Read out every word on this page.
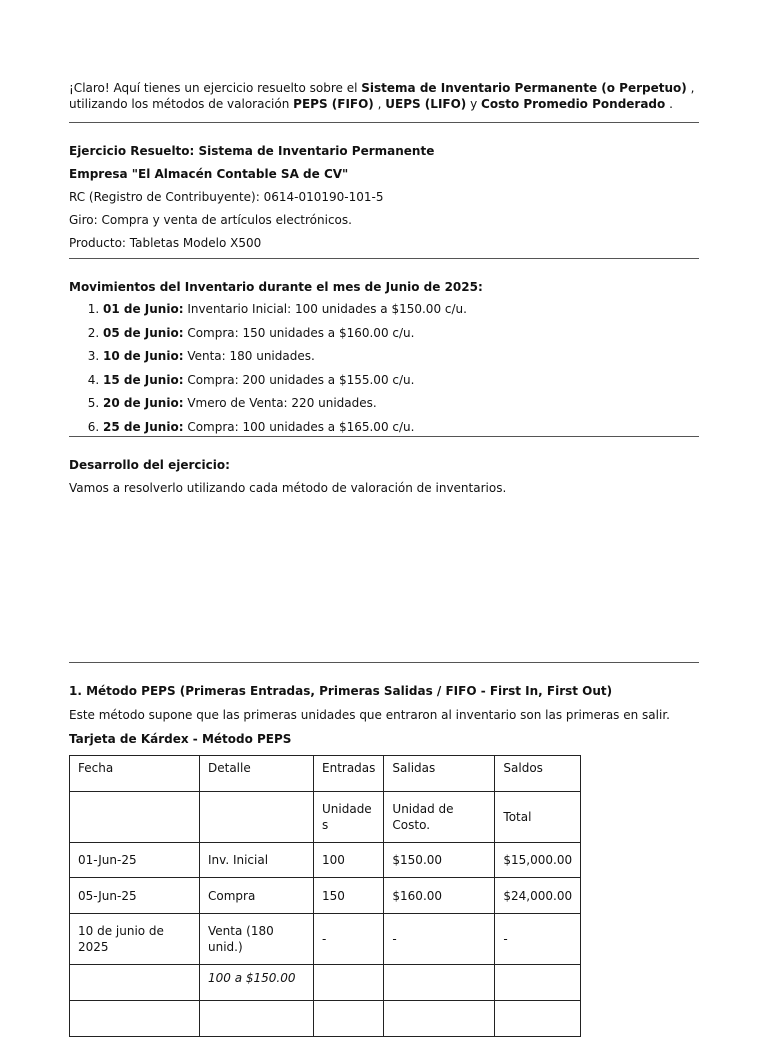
¡Claro! Aquí tienes un ejercicio resuelto sobre el Sistema de Inventario Permanente (o Perpetuo) , utilizando los métodos de valoración PEPS (FIFO) , UEPS (LIFO) y Costo Promedio Ponderado .

Ejercicio Resuelto: Sistema de Inventario Permanente

Empresa "El Almacén Contable SA de CV"

RC (Registro de Contribuyente): 0614-010190-101-5

Giro: Compra y venta de artículos electrónicos.

Producto: Tabletas Modelo X500

Movimientos del Inventario durante el mes de Junio de 2025:

1. 01 de Junio: Inventario Inicial: 100 unidades a $150.00 c/u.
2. 05 de Junio: Compra: 150 unidades a $160.00 c/u.
3. 10 de Junio: Venta: 180 unidades.
4. 15 de Junio: Compra: 200 unidades a $155.00 c/u.
5. 20 de Junio: Vmero de Venta: 220 unidades.
6. 25 de Junio: Compra: 100 unidades a $165.00 c/u.

Desarrollo del ejercicio:

Vamos a resolverlo utilizando cada método de valoración de inventarios.

1. Método PEPS (Primeras Entradas, Primeras Salidas / FIFO - First In, First Out)

Este método supone que las primeras unidades que entraron al inventario son las primeras en salir.

Tarjeta de Kárdex - Método PEPS

Fecha	Detalle	Entradas	Salidas	Saldos
		Unidades	Unidad de Costo.	Total
01-Jun-25	Inv. Inicial	100	$150.00	$15,000.00
05-Jun-25	Compra	150	$160.00	$24,000.00
10 de junio de 2025	Venta (180 unid.)	-	-	-
	100 a $150.00			
